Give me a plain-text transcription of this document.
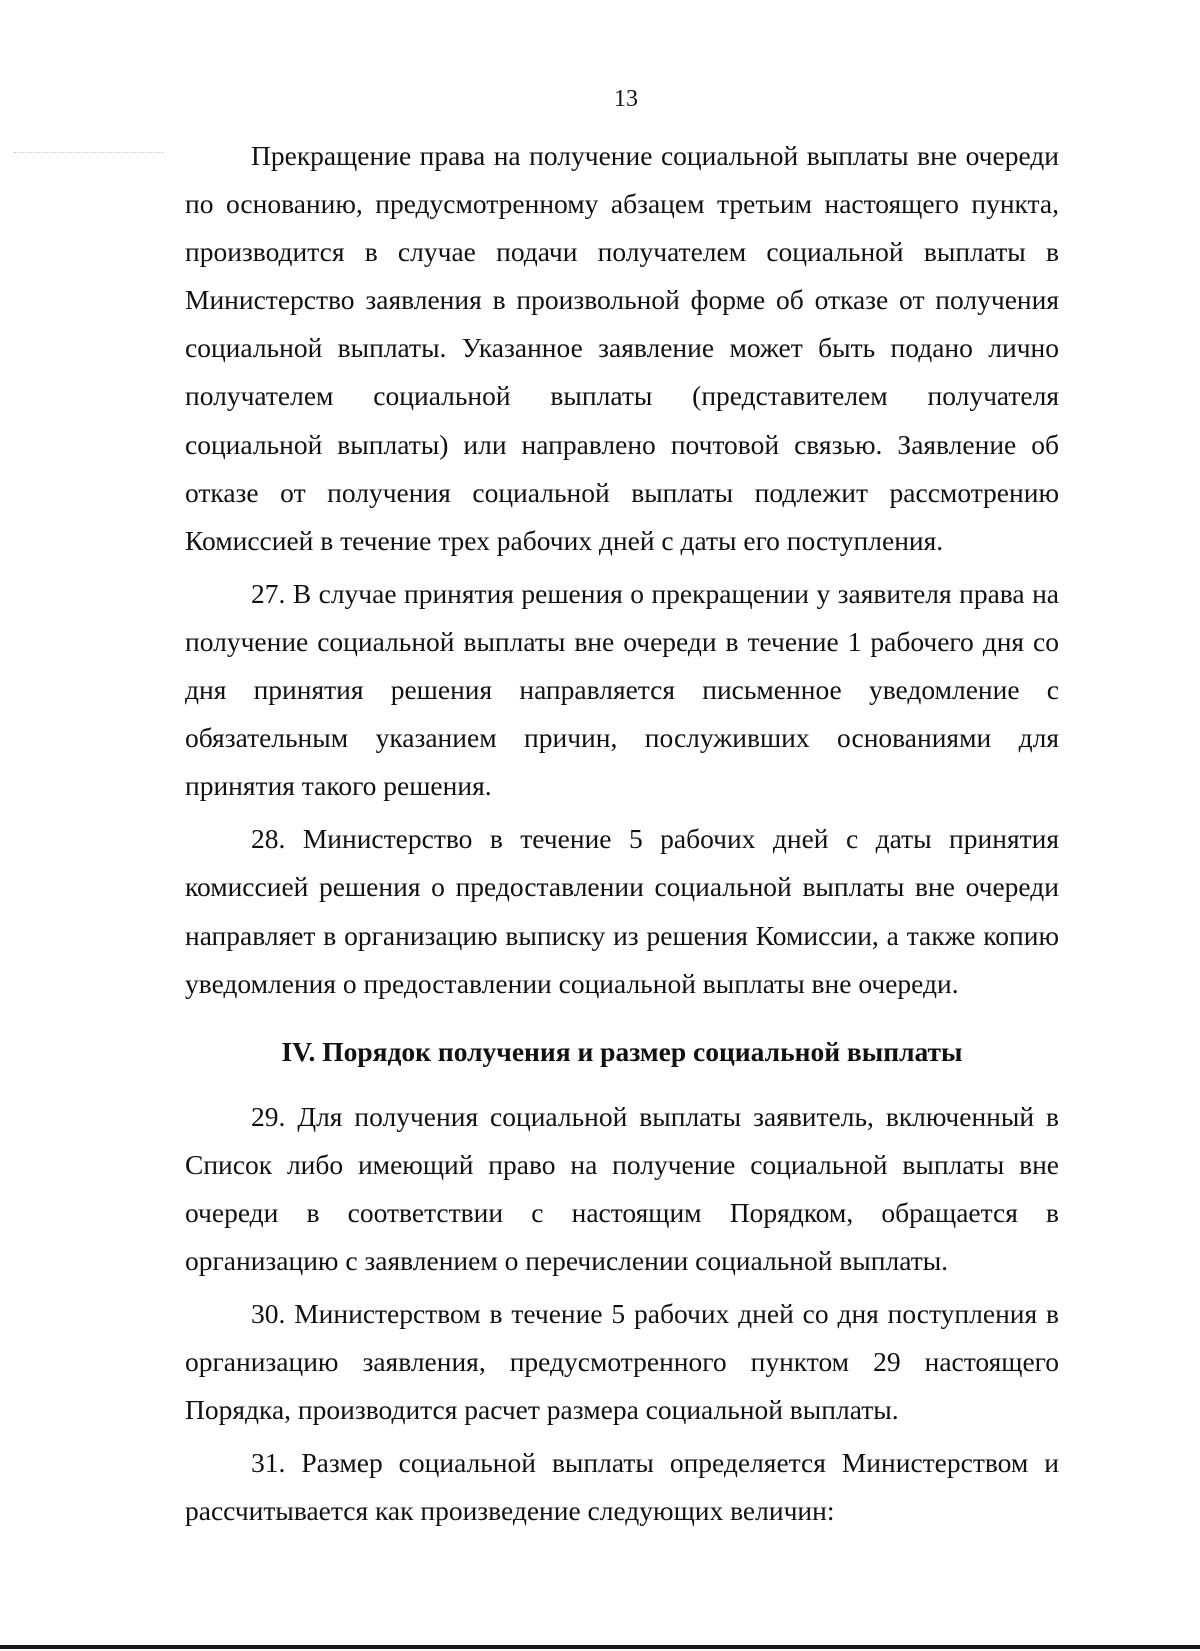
13

Прекращение права на получение социальной выплаты вне очереди по основанию, предусмотренному абзацем третьим настоящего пункта, производится в случае подачи получателем социальной выплаты в Министерство заявления в произвольной форме об отказе от получения социальной выплаты. Указанное заявление может быть подано лично получателем социальной выплаты (представителем получателя социальной выплаты) или направлено почтовой связью. Заявление об отказе от получения социальной выплаты подлежит рассмотрению Комиссией в течение трех рабочих дней с даты его поступления.

27. В случае принятия решения о прекращении у заявителя права на получение социальной выплаты вне очереди в течение 1 рабочего дня со дня принятия решения направляется письменное уведомление с обязательным указанием причин, послуживших основаниями для принятия такого решения.

28. Министерство в течение 5 рабочих дней с даты принятия комиссией решения о предоставлении социальной выплаты вне очереди направляет в организацию выписку из решения Комиссии, а также копию уведомления о предоставлении социальной выплаты вне очереди.

IV. Порядок получения и размер социальной выплаты

29. Для получения социальной выплаты заявитель, включенный в Список либо имеющий право на получение социальной выплаты вне очереди в соответствии с настоящим Порядком, обращается в организацию с заявлением о перечислении социальной выплаты.

30. Министерством в течение 5 рабочих дней со дня поступления в организацию заявления, предусмотренного пунктом 29 настоящего Порядка, производится расчет размера социальной выплаты.

31. Размер социальной выплаты определяется Министерством и рассчитывается как произведение следующих величин:
